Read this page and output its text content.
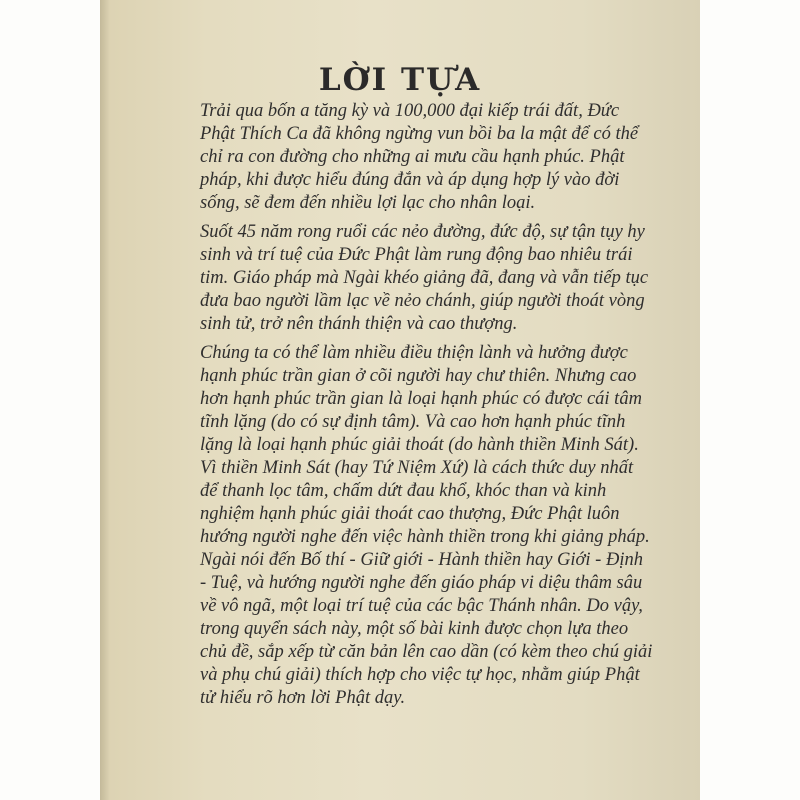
LỜI TỰA

Trải qua bốn a tăng kỳ và 100,000 đại kiếp trái đất, Đức
Phật Thích Ca đã không ngừng vun bồi ba la mật để có thể
chỉ ra con đường cho những ai mưu cầu hạnh phúc. Phật
pháp, khi được hiểu đúng đắn và áp dụng hợp lý vào đời
sống, sẽ đem đến nhiều lợi lạc cho nhân loại.

Suốt 45 năm rong ruổi các nẻo đường, đức độ, sự tận tụy hy
sinh và trí tuệ của Đức Phật làm rung động bao nhiêu trái
tim. Giáo pháp mà Ngài khéo giảng đã, đang và vẫn tiếp tục
đưa bao người lầm lạc về nẻo chánh, giúp người thoát vòng
sinh tử, trở nên thánh thiện và cao thượng.

Chúng ta có thể làm nhiều điều thiện lành và hưởng được
hạnh phúc trần gian ở cõi người hay chư thiên. Nhưng cao
hơn hạnh phúc trần gian là loại hạnh phúc có được cái tâm
tĩnh lặng (do có sự định tâm). Và cao hơn hạnh phúc tĩnh
lặng là loại hạnh phúc giải thoát (do hành thiền Minh Sát).
Vì thiền Minh Sát (hay Tứ Niệm Xứ) là cách thức duy nhất
để thanh lọc tâm, chấm dứt đau khổ, khóc than và kinh
nghiệm hạnh phúc giải thoát cao thượng, Đức Phật luôn
hướng người nghe đến việc hành thiền trong khi giảng pháp.
Ngài nói đến Bố thí - Giữ giới - Hành thiền hay Giới - Định
- Tuệ, và hướng người nghe đến giáo pháp vi diệu thâm sâu
về vô ngã, một loại trí tuệ của các bậc Thánh nhân. Do vậy,
trong quyển sách này, một số bài kinh được chọn lựa theo
chủ đề, sắp xếp từ căn bản lên cao dần (có kèm theo chú giải
và phụ chú giải) thích hợp cho việc tự học, nhằm giúp Phật
tử hiểu rõ hơn lời Phật dạy.
